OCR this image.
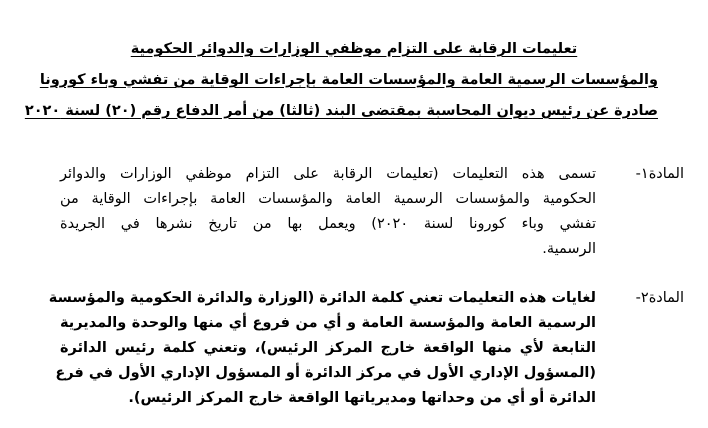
تعليمات الرقابة على التزام موظفي الوزارات والدوائر الحكومية
والمؤسسات الرسمية العامة والمؤسسات العامة بإجراءات الوقاية من تفشي وباء كورونا
صادرة عن رئيس ديوان المحاسبة بمقتضى البند (ثالثا) من أمر الدفاع رقم (٢٠) لسنة ٢٠٢٠
المادة١-
تسمى هذه التعليمات (تعليمات الرقابة على التزام موظفي الوزارات والدوائر
الحكومية والمؤسسات الرسمية العامة والمؤسسات العامة بإجراءات الوقاية من
تفشي وباء كورونا لسنة ٢٠٢٠) ويعمل بها من تاريخ نشرها في الجريدة
الرسمية.
المادة٢-
لغايات هذه التعليمات تعني كلمة الدائرة (الوزارة والدائرة الحكومية والمؤسسة
الرسمية العامة والمؤسسة العامة و أي من فروع أي منها والوحدة والمديرية
التابعة لأي منها الواقعة خارج المركز الرئيس)، وتعني كلمة رئيس الدائرة
(المسؤول الإداري الأول في مركز الدائرة أو المسؤول الإداري الأول في فرع
الدائرة أو أي من وحداتها ومديرياتها الواقعة خارج المركز الرئيس).
